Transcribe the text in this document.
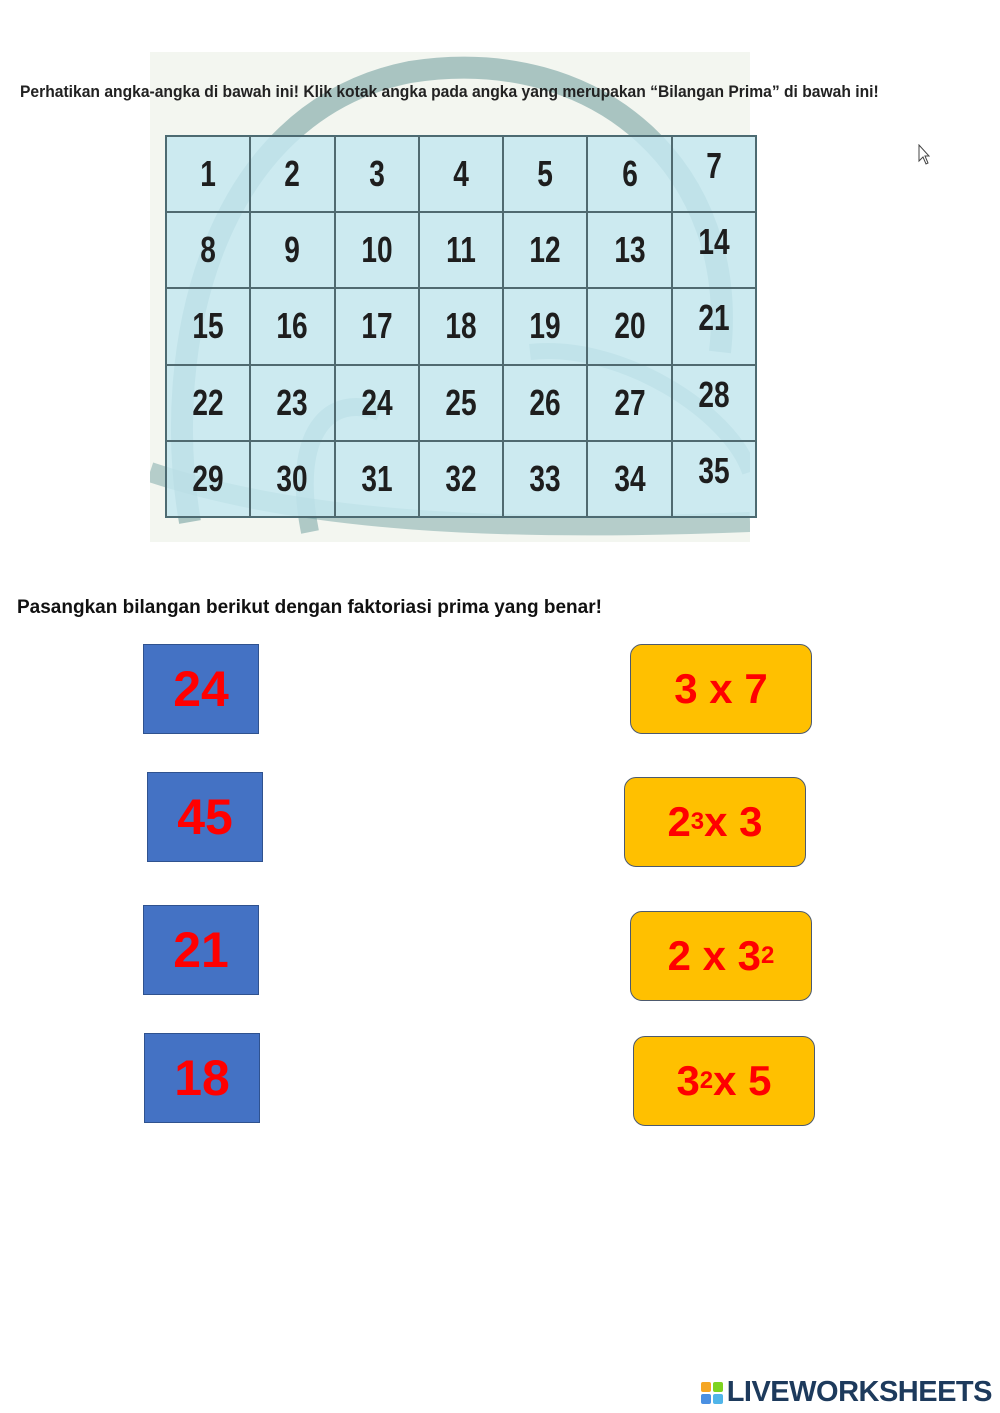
Perhatikan angka-angka di bawah ini! Klik kotak angka pada angka yang merupakan “Bilangan Prima” di bawah ini!
1 2 3 4 5 6 7
8 9 10 11 12 13 14
15 16 17 18 19 20 21
22 23 24 25 26 27 28
29 30 31 32 33 34 35
Pasangkan bilangan berikut dengan faktoriasi prima yang benar!
24
45
21
18
3 x 7
2 3 x 3
2 x 3 2
3 2 x 5
LIVEWORKSHEETS
